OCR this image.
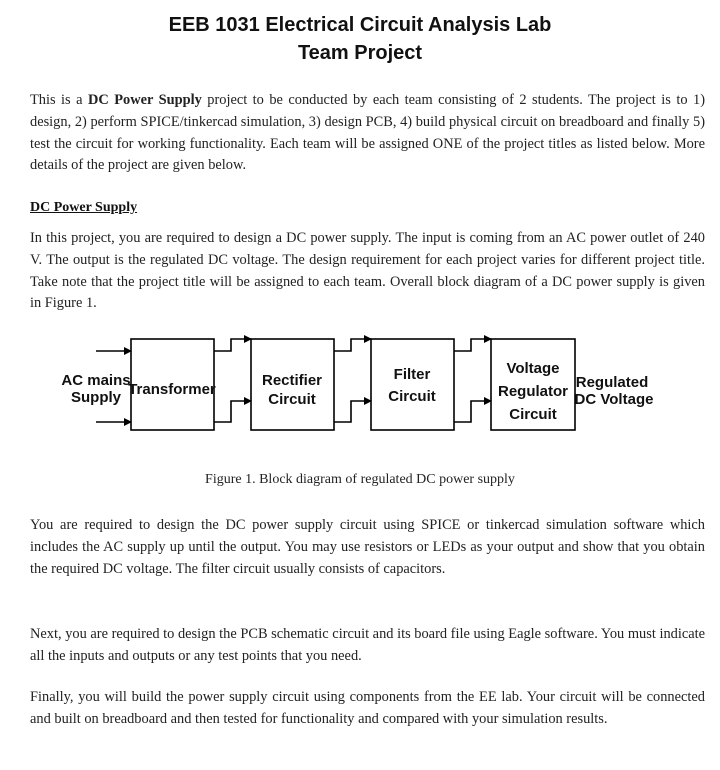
EEB 1031 Electrical Circuit Analysis Lab
Team Project
This is a DC Power Supply project to be conducted by each team consisting of 2 students. The project is to 1) design, 2) perform SPICE/tinkercad simulation, 3) design PCB, 4) build physical circuit on breadboard and finally 5) test the circuit for working functionality. Each team will be assigned ONE of the project titles as listed below. More details of the project are given below.
DC Power Supply
In this project, you are required to design a DC power supply. The input is coming from an AC power outlet of 240 V. The output is the regulated DC voltage. The design requirement for each project varies for different project title. Take note that the project title will be assigned to each team. Overall block diagram of a DC power supply is given in Figure 1.
AC mains
Supply Transformer
Rectifier
Circuit
Filter
Circuit
Voltage
Regulator
Circuit
Regulated
DC Voltage
Figure 1. Block diagram of regulated DC power supply
You are required to design the DC power supply circuit using SPICE or tinkercad simulation software which includes the AC supply up until the output. You may use resistors or LEDs as your output and show that you obtain the required DC voltage. The filter circuit usually consists of capacitors.
Next, you are required to design the PCB schematic circuit and its board file using Eagle software. You must indicate all the inputs and outputs or any test points that you need.
Finally, you will build the power supply circuit using components from the EE lab. Your circuit will be connected and built on breadboard and then tested for functionality and compared with your simulation results.
